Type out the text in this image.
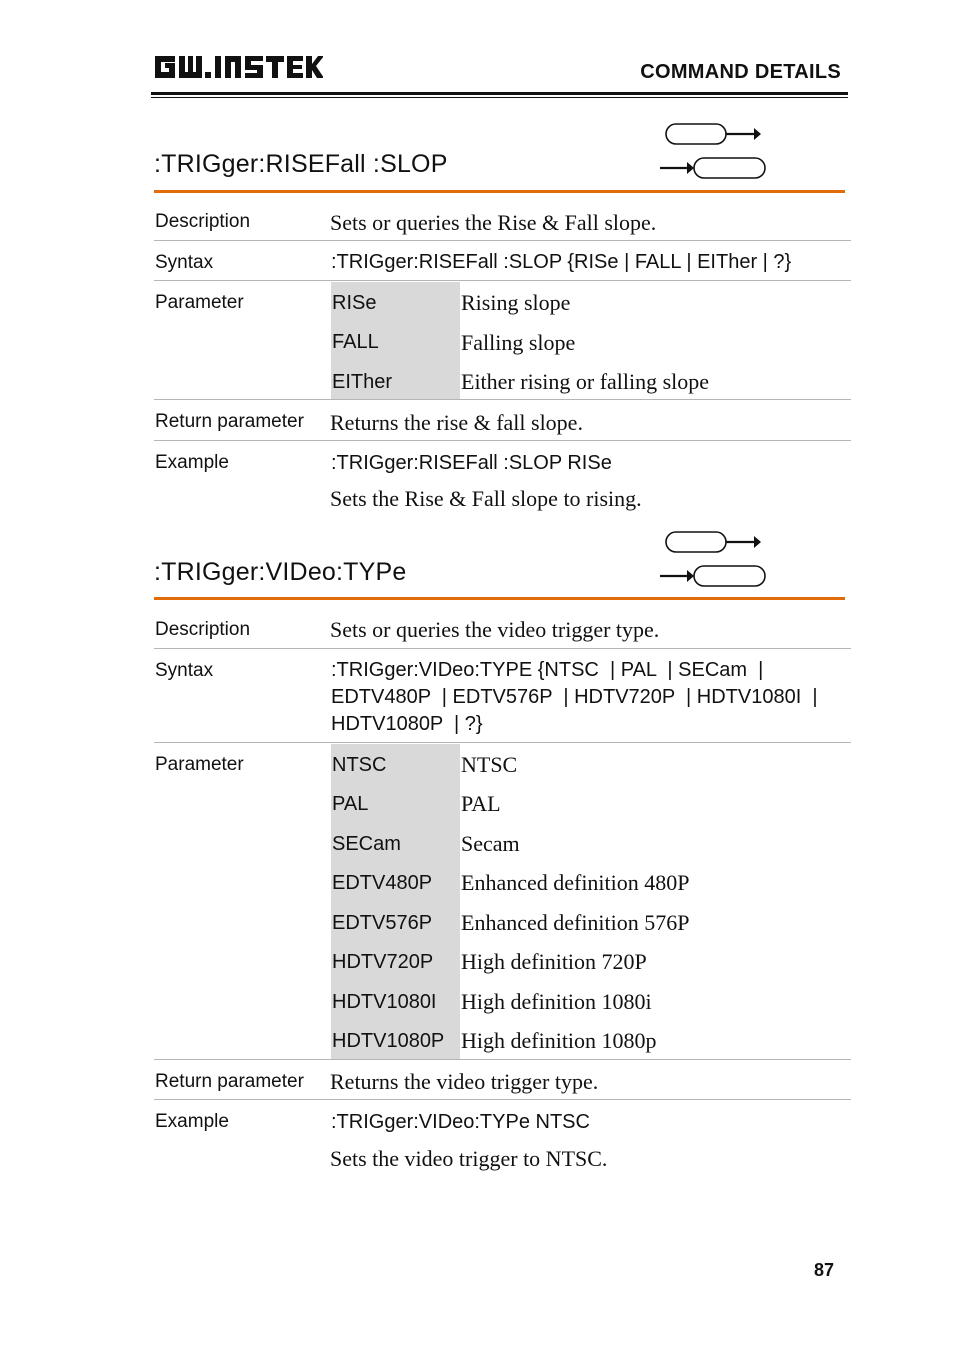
COMMAND DETAILS
:TRIGger:RISEFall :SLOP
Description	Sets or queries the Rise & Fall slope.
Syntax	:TRIGger:RISEFall :SLOP {RISe | FALL | EITher | ?}
Parameter	RISe	Rising slope
FALL	Falling slope
EITher	Either rising or falling slope
Return parameter Returns the rise & fall slope.
Example	:TRIGger:RISEFall :SLOP RISe
Sets the Rise & Fall slope to rising.
:TRIGger:VIDeo:TYPe
Description	Sets or queries the video trigger type.
Syntax	:TRIGger:VIDeo:TYPE {NTSC  | PAL  | SECam  |
EDTV480P  | EDTV576P  | HDTV720P  | HDTV1080I  |
HDTV1080P  | ?}
Parameter	NTSC	NTSC
PAL	PAL
SECam	Secam
EDTV480P Enhanced definition 480P
EDTV576P Enhanced definition 576P
HDTV720P High definition 720P
HDTV1080I High definition 1080i
HDTV1080P High definition 1080p
Return parameter Returns the video trigger type.
Example	:TRIGger:VIDeo:TYPe NTSC
Sets the video trigger to NTSC.
87
